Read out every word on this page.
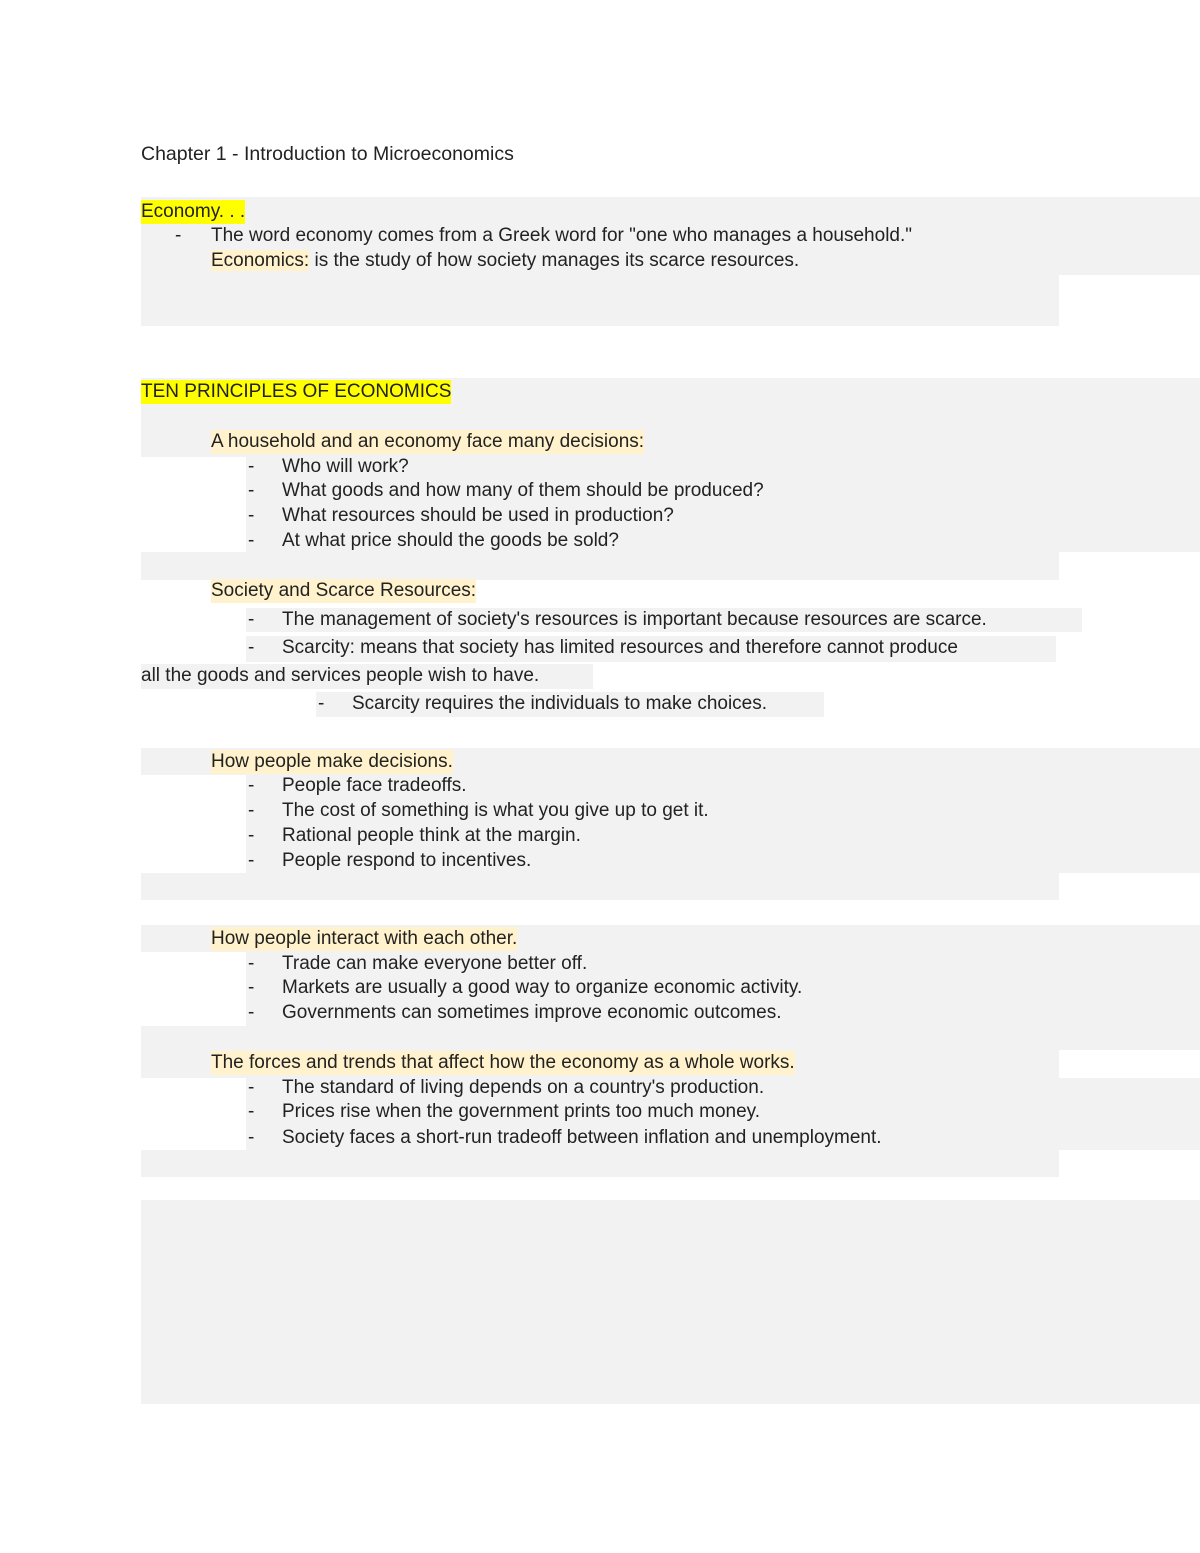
Chapter 1 - Introduction to Microeconomics
Economy. . .
- The word economy comes from a Greek word for "one who manages a household."
Economics: is the study of how society manages its scarce resources.
TEN PRINCIPLES OF ECONOMICS
A household and an economy face many decisions:
- Who will work?
- What goods and how many of them should be produced?
- What resources should be used in production?
- At what price should the goods be sold?
Society and Scarce Resources:
- The management of society's resources is important because resources are scarce.
- Scarcity: means that society has limited resources and therefore cannot produce
all the goods and services people wish to have.
- Scarcity requires the individuals to make choices.
How people make decisions.
- People face tradeoffs.
- The cost of something is what you give up to get it.
- Rational people think at the margin.
- People respond to incentives.
How people interact with each other.
- Trade can make everyone better off.
- Markets are usually a good way to organize economic activity.
- Governments can sometimes improve economic outcomes.
The forces and trends that affect how the economy as a whole works.
- The standard of living depends on a country's production.
- Prices rise when the government prints too much money.
- Society faces a short-run tradeoff between inflation and unemployment.
